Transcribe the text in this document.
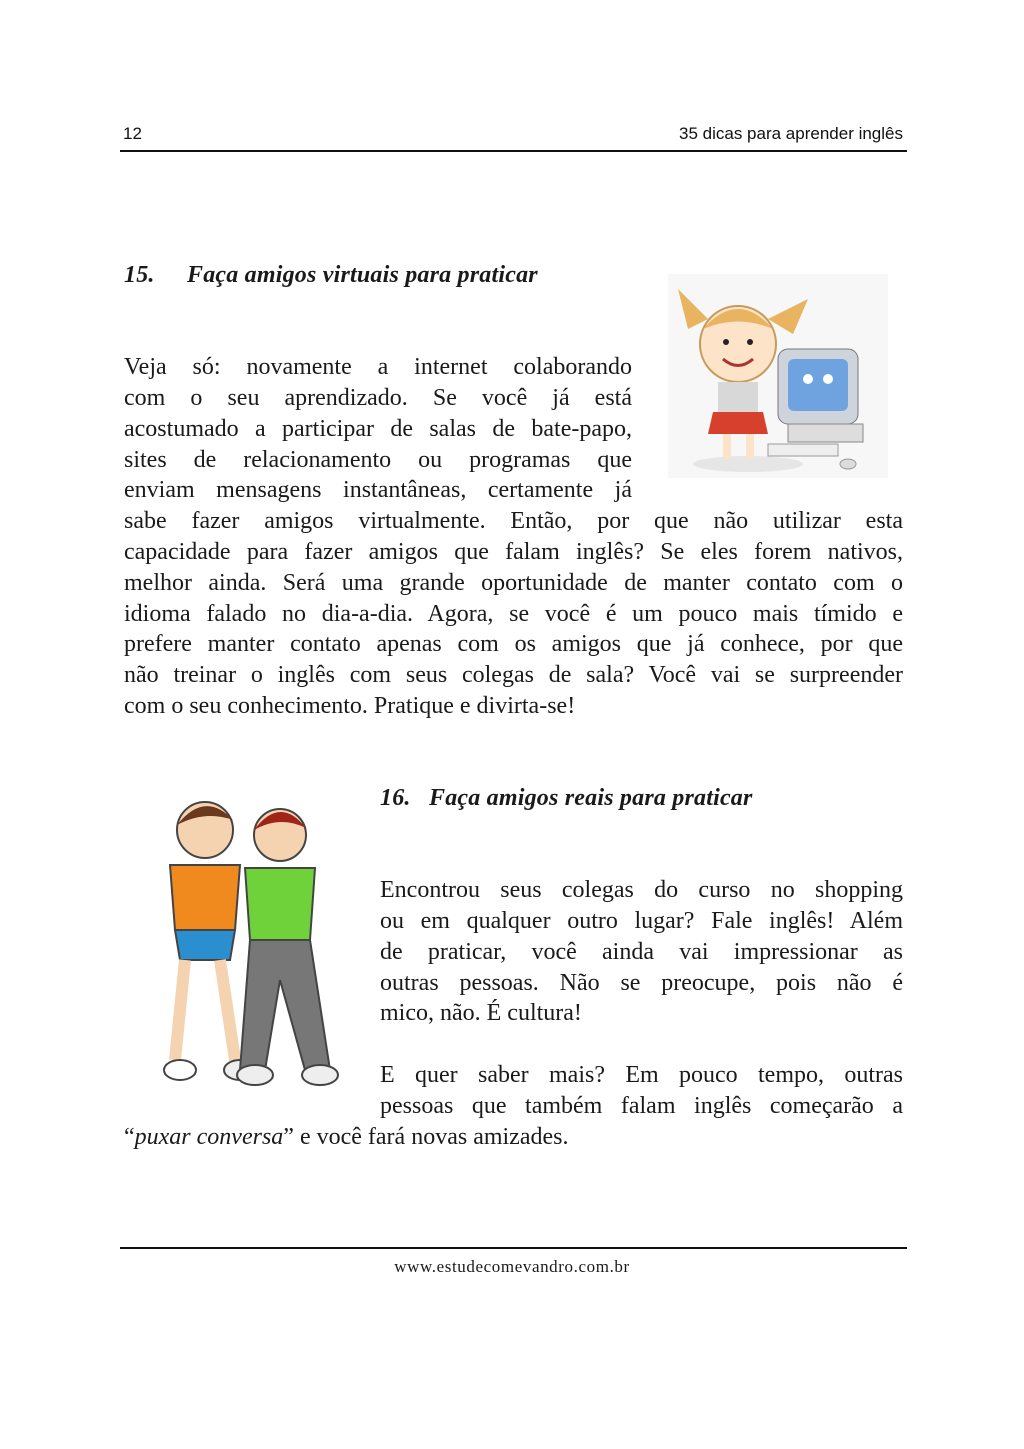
12	35 dicas para aprender inglês
15. Faça amigos virtuais para praticar
Veja só: novamente a internet colaborando
com o seu aprendizado. Se você já está
acostumado a participar de salas de bate-papo,
sites de relacionamento ou programas que
enviam mensagens instantâneas, certamente já
sabe fazer amigos virtualmente. Então, por que não utilizar esta
capacidade para fazer amigos que falam inglês? Se eles forem nativos,
melhor ainda. Será uma grande oportunidade de manter contato com o
idioma falado no dia-a-dia. Agora, se você é um pouco mais tímido e
prefere manter contato apenas com os amigos que já conhece, por que
não treinar o inglês com seus colegas de sala? Você vai se surpreender
com o seu conhecimento. Pratique e divirta-se!
16. Faça amigos reais para praticar
Encontrou seus colegas do curso no shopping
ou em qualquer outro lugar? Fale inglês! Além
de praticar, você ainda vai impressionar as
outras pessoas. Não se preocupe, pois não é
mico, não. É cultura!
E quer saber mais? Em pouco tempo, outras
pessoas que também falam inglês começarão a
“puxar conversa” e você fará novas amizades.
www.estudecomevandro.com.br
